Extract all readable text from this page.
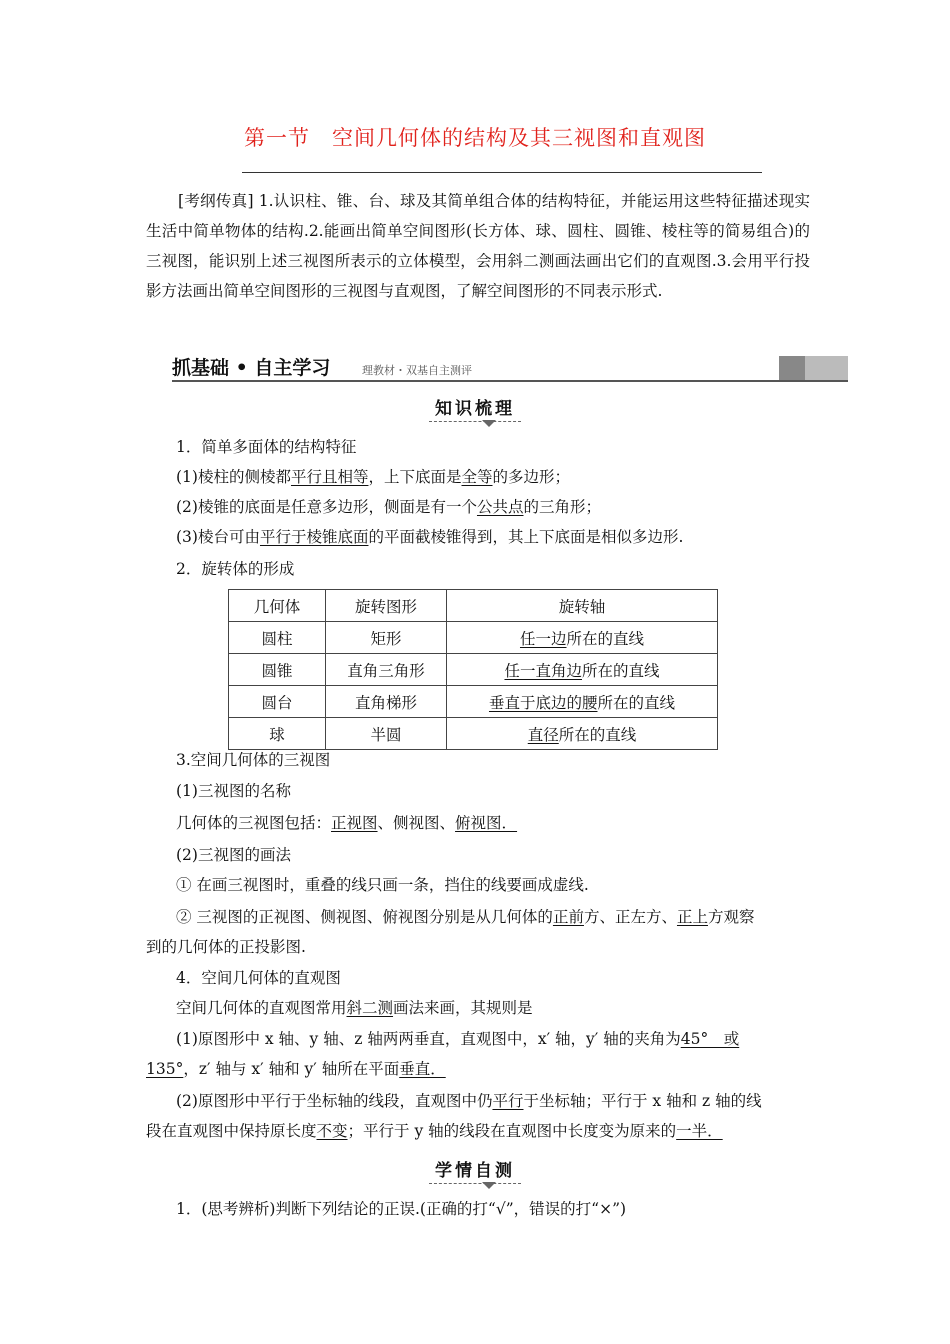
第一节 空间几何体的结构及其三视图和直观图
[考纲传真] 1.认识柱、锥、台、球及其简单组合体的结构特征，并能运用这些特征描述现实生活中简单物体的结构.2.能画出简单空间图形(长方体、球、圆柱、圆锥、棱柱等的简易组合)的三视图，能识别上述三视图所表示的立体模型，会用斜二测画法画出它们的直观图.3.会用平行投影方法画出简单空间图形的三视图与直观图，了解空间图形的不同表示形式.
抓基础 • 自主学习	理教材・双基自主测评
知识梳理
1．简单多面体的结构特征
(1)棱柱的侧棱都平行且相等，上下底面是全等的多边形；
(2)棱锥的底面是任意多边形，侧面是有一个公共点的三角形；
(3)棱台可由平行于棱锥底面的平面截棱锥得到，其上下底面是相似多边形.
2．旋转体的形成
几何体	旋转图形	旋转轴
圆柱	矩形	任一边所在的直线
圆锥	直角三角形	任一直角边所在的直线
圆台	直角梯形	垂直于底边的腰所在的直线
球	半圆	直径所在的直线
3.空间几何体的三视图
(1)三视图的名称
几何体的三视图包括：正视图、侧视图、俯视图．
(2)三视图的画法
① 在画三视图时，重叠的线只画一条，挡住的线要画成虚线.
② 三视图的正视图、侧视图、俯视图分别是从几何体的正前方、正左方、正上方观察
到的几何体的正投影图.
4．空间几何体的直观图
空间几何体的直观图常用斜二测画法来画，其规则是
(1)原图形中 x 轴、y 轴、z 轴两两垂直，直观图中，x′ 轴，y′ 轴的夹角为45°　或
135°，z′ 轴与 x′ 轴和 y′ 轴所在平面垂直．
(2)原图形中平行于坐标轴的线段，直观图中仍平行于坐标轴；平行于 x 轴和 z 轴的线
段在直观图中保持原长度不变；平行于 y 轴的线段在直观图中长度变为原来的一半．
学情自测
1．(思考辨析)判断下列结论的正误.(正确的打“√”，错误的打“×”)
